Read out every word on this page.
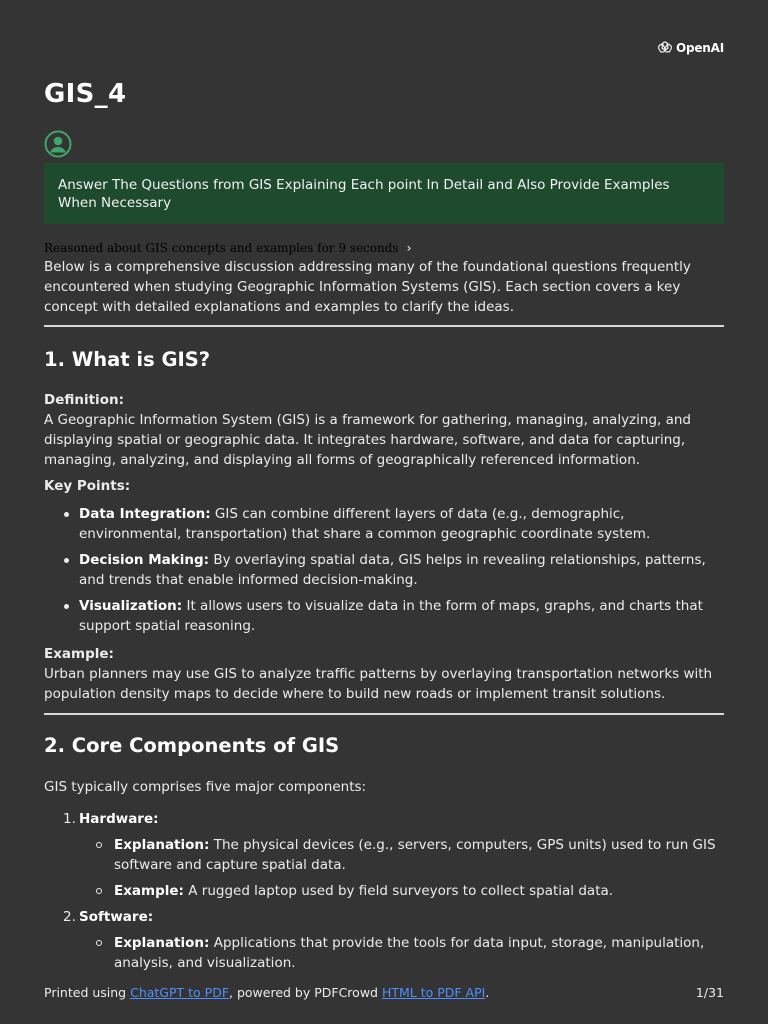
OpenAI
GIS_4
Answer The Questions from GIS Explaining Each point In Detail and Also Provide Examples When Necessary
Reasoned about GIS concepts and examples for 9 seconds ›

Below is a comprehensive discussion addressing many of the foundational questions frequently encountered when studying Geographic Information Systems (GIS). Each section covers a key concept with detailed explanations and examples to clarify the ideas.

1. What is GIS?

Definition:

A Geographic Information System (GIS) is a framework for gathering, managing, analyzing, and displaying spatial or geographic data. It integrates hardware, software, and data for capturing, managing, analyzing, and displaying all forms of geographically referenced information.

Key Points:

Data Integration: GIS can combine different layers of data (e.g., demographic, environmental, transportation) that share a common geographic coordinate system.
Decision Making: By overlaying spatial data, GIS helps in revealing relationships, patterns, and trends that enable informed decision-making.
Visualization: It allows users to visualize data in the form of maps, graphs, and charts that support spatial reasoning.

Example:

Urban planners may use GIS to analyze traffic patterns by overlaying transportation networks with population density maps to decide where to build new roads or implement transit solutions.

2. Core Components of GIS

GIS typically comprises five major components:

1. Hardware:
Explanation: The physical devices (e.g., servers, computers, GPS units) used to run GIS software and capture spatial data.
Example: A rugged laptop used by field surveyors to collect spatial data.
2. Software:
Explanation: Applications that provide the tools for data input, storage, manipulation, analysis, and visualization.
Printed using ChatGPT to PDF, powered by PDFCrowd HTML to PDF API.	1/31
